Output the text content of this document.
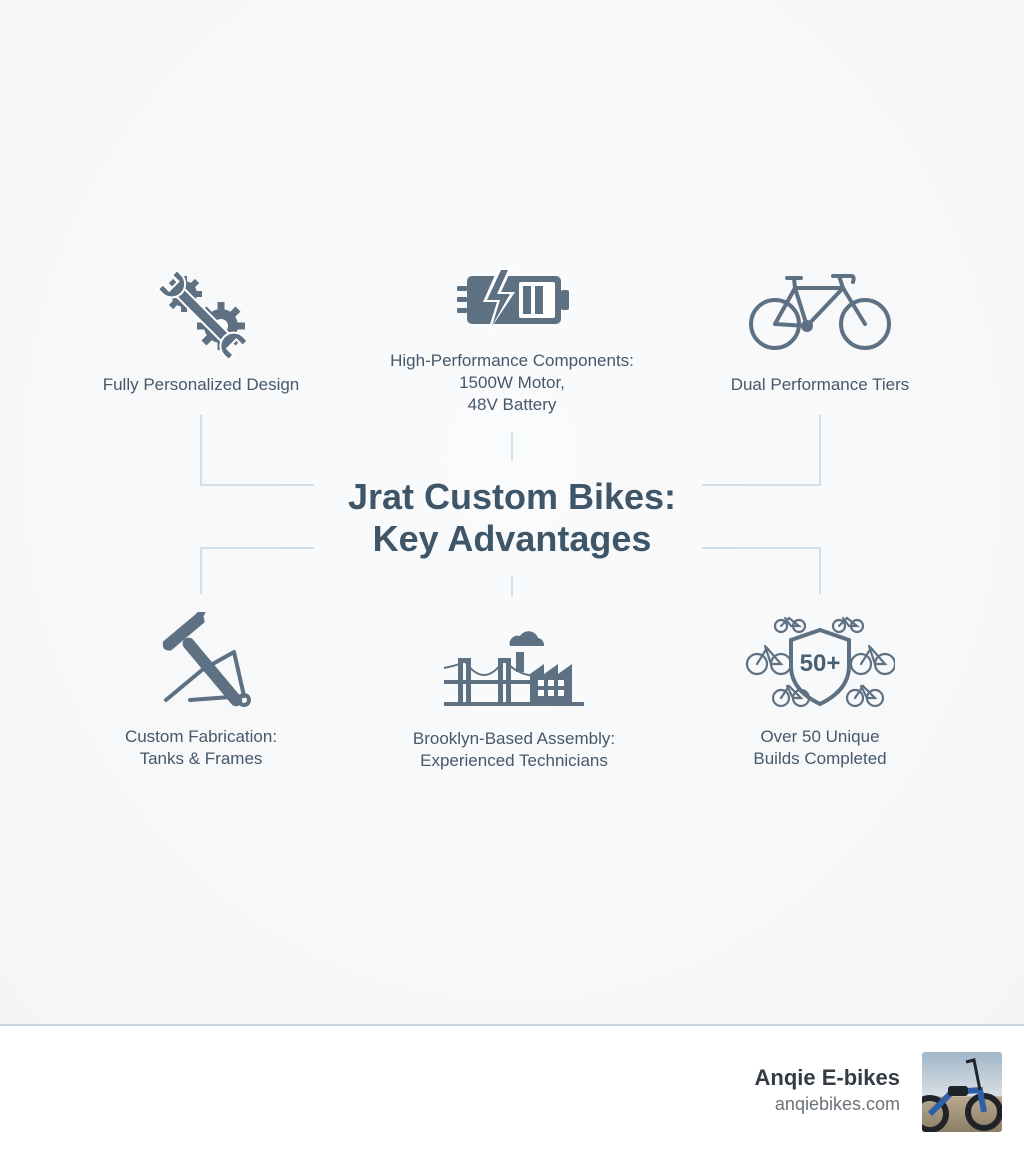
Fully Personalized Design
High-Performance Components:
1500W Motor,
48V Battery
Dual Performance Tiers
Custom Fabrication:
Tanks & Frames
Brooklyn-Based Assembly:
Experienced Technicians
50+
Over 50 Unique
Builds Completed
Jrat Custom Bikes:
Key Advantages
Anqie E-bikes
anqiebikes.com
